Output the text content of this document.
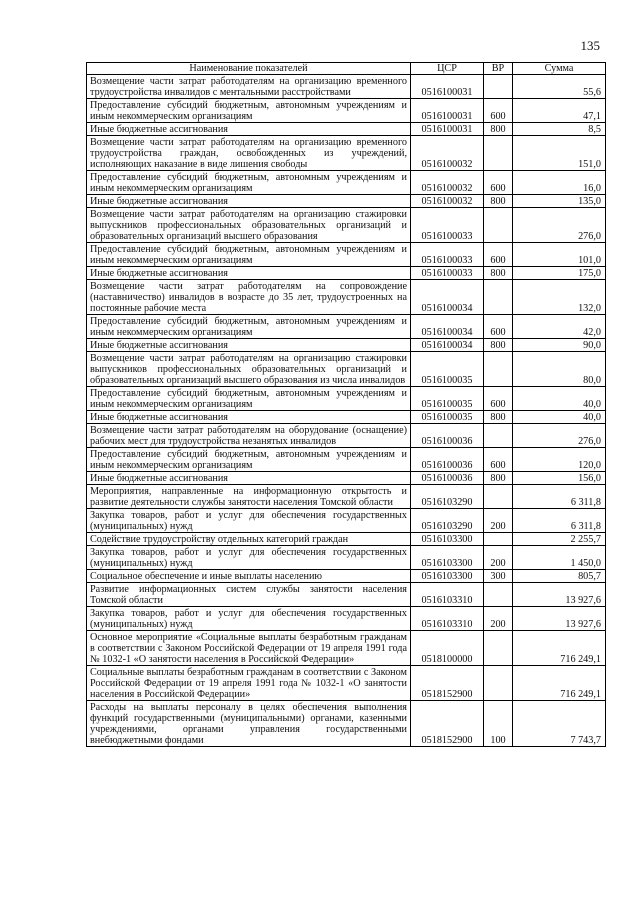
135
Наименование показателей	ЦСР	ВР	Сумма
Возмещение части затрат работодателям на организацию временного трудоустройства инвалидов с ментальными расстройствами	0516100031		55,6
Предоставление субсидий бюджетным, автономным учреждениям и иным некоммерческим организациям	0516100031	600	47,1
Иные бюджетные ассигнования	0516100031	800	8,5
Возмещение части затрат работодателям на организацию временного трудоустройства граждан, освобожденных из учреждений, исполняющих наказание в виде лишения свободы	0516100032		151,0
Предоставление субсидий бюджетным, автономным учреждениям и иным некоммерческим организациям	0516100032	600	16,0
Иные бюджетные ассигнования	0516100032	800	135,0
Возмещение части затрат работодателям на организацию стажировки выпускников профессиональных образовательных организаций и образовательных организаций высшего образования	0516100033		276,0
Предоставление субсидий бюджетным, автономным учреждениям и иным некоммерческим организациям	0516100033	600	101,0
Иные бюджетные ассигнования	0516100033	800	175,0
Возмещение части затрат работодателям на сопровождение (наставничество) инвалидов в возрасте до 35 лет, трудоустроенных на постоянные рабочие места	0516100034		132,0
Предоставление субсидий бюджетным, автономным учреждениям и иным некоммерческим организациям	0516100034	600	42,0
Иные бюджетные ассигнования	0516100034	800	90,0
Возмещение части затрат работодателям на организацию стажировки выпускников профессиональных образовательных организаций и образовательных организаций высшего образования из числа инвалидов	0516100035		80,0
Предоставление субсидий бюджетным, автономным учреждениям и иным некоммерческим организациям	0516100035	600	40,0
Иные бюджетные ассигнования	0516100035	800	40,0
Возмещение части затрат работодателям на оборудование (оснащение) рабочих мест для трудоустройства незанятых инвалидов	0516100036		276,0
Предоставление субсидий бюджетным, автономным учреждениям и иным некоммерческим организациям	0516100036	600	120,0
Иные бюджетные ассигнования	0516100036	800	156,0
Мероприятия, направленные на информационную открытость и развитие деятельности службы занятости населения Томской области	0516103290		6 311,8
Закупка товаров, работ и услуг для обеспечения государственных (муниципальных) нужд	0516103290	200	6 311,8
Содействие трудоустройству отдельных категорий граждан	0516103300		2 255,7
Закупка товаров, работ и услуг для обеспечения государственных (муниципальных) нужд	0516103300	200	1 450,0
Социальное обеспечение и иные выплаты населению	0516103300	300	805,7
Развитие информационных систем службы занятости населения Томской области	0516103310		13 927,6
Закупка товаров, работ и услуг для обеспечения государственных (муниципальных) нужд	0516103310	200	13 927,6
Основное мероприятие «Социальные выплаты безработным гражданам в соответствии с Законом Российской Федерации от 19 апреля 1991 года № 1032-1 «О занятости населения в Российской Федерации»	0518100000		716 249,1
Социальные выплаты безработным гражданам в соответствии с Законом Российской Федерации от 19 апреля 1991 года № 1032-1 «О занятости населения в Российской Федерации»	0518152900		716 249,1
Расходы на выплаты персоналу в целях обеспечения выполнения функций государственными (муниципальными) органами, казенными учреждениями, органами управления государственными внебюджетными фондами	0518152900	100	7 743,7
